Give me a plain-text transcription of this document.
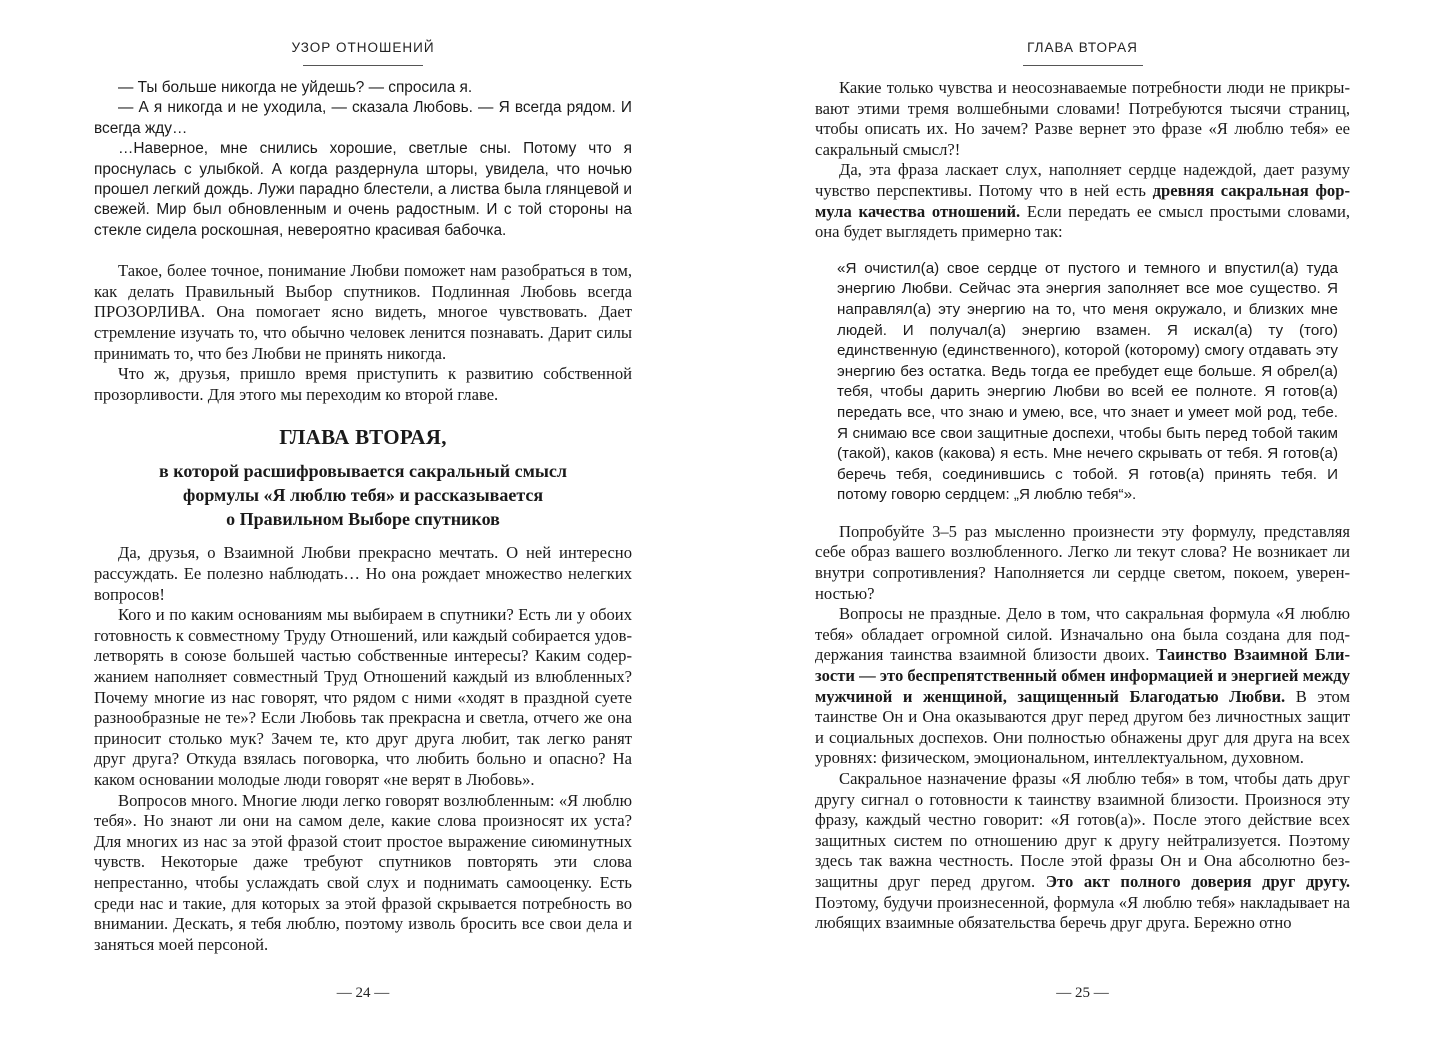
УЗОР ОТНОШЕНИЙ

— Ты больше никогда не уйдешь? — спросила я.

— А я никогда и не уходила, — сказала Любовь. — Я всегда рядом. И всегда жду…

…Наверное, мне снились хорошие, светлые сны. Потому что я проснулась с улыбкой. А когда раздернула шторы, увидела, что ночью прошел легкий дождь. Лужи парадно блестели, а листва была глянцевой и свежей. Мир был обновленным и очень радостным. И с той стороны на стекле сидела роскошная, невероятно красивая бабочка.

Такое, более точное, понимание Любви поможет нам разобраться в том, как делать Правильный Выбор спутников. Подлинная Любовь всегда ПРОЗОРЛИВА. Она помогает ясно видеть, многое чувствовать. Дает стремление изучать то, что обычно человек ленится познавать. Дарит силы принимать то, что без Любви не принять никогда.

Что ж, друзья, пришло время приступить к развитию собственной прозорливости. Для этого мы переходим ко второй главе.

ГЛАВА ВТОРАЯ,
в которой расшифровывается сакральный смысл
формулы «Я люблю тебя» и рассказывается
о Правильном Выборе спутников

Да, друзья, о Взаимной Любви прекрасно мечтать. О ней интересно рассуждать. Ее полезно наблюдать… Но она рождает множество нелегких вопросов!

Кого и по каким основаниям мы выбираем в спутники? Есть ли у обоих готовность к совместному Труду Отношений, или каждый собирается удовлетворять в союзе большей частью собственные интересы? Каким содержанием наполняет совместный Труд Отношений каждый из влюбленных? Почему многие из нас говорят, что рядом с ними «ходят в праздной суете разнообразные не те»? Если Любовь так прекрасна и светла, отчего же она приносит столько мук? Зачем те, кто друг друга любит, так легко ранят друг друга? Откуда взялась поговорка, что любить больно и опасно? На каком основании молодые люди говорят «не верят в Любовь».

Вопросов много. Многие люди легко говорят возлюбленным: «Я люблю тебя». Но знают ли они на самом деле, какие слова произносят их уста? Для многих из нас за этой фразой стоит простое выражение сиюминутных чувств. Некоторые даже требуют спутников повторять эти слова непрестанно, чтобы услаждать свой слух и поднимать самооценку. Есть среди нас и такие, для которых за этой фразой скрывается потребность во внимании. Дескать, я тебя люблю, поэтому изволь бросить все свои дела и заняться моей персоной.

— 24 —
ГЛАВА ВТОРАЯ

Какие только чувства и неосознаваемые потребности люди не прикрывают этими тремя волшебными словами! Потребуются тысячи страниц, чтобы описать их. Но зачем? Разве вернет это фразе «Я люблю тебя» ее сакральный смысл?!

Да, эта фраза ласкает слух, наполняет сердце надеждой, дает разуму чувство перспективы. Потому что в ней есть древняя сакральная формула качества отношений. Если передать ее смысл простыми словами, она будет выглядеть примерно так:

«Я очистил(а) свое сердце от пустого и темного и впустил(а) туда энергию Любви. Сейчас эта энергия заполняет все мое существо. Я направлял(а) эту энергию на то, что меня окружало, и близких мне людей. И получал(а) энергию взамен. Я искал(а) ту (того) единственную (единственного), которой (которому) смогу отдавать эту энергию без остатка. Ведь тогда ее пребудет еще больше. Я обрел(а) тебя, чтобы дарить энергию Любви во всей ее полноте. Я готов(а) передать все, что знаю и умею, все, что знает и умеет мой род, тебе. Я снимаю все свои защитные доспехи, чтобы быть перед тобой таким (такой), каков (какова) я есть. Мне нечего скрывать от тебя. Я готов(а) беречь тебя, соединившись с тобой. Я готов(а) принять тебя. И потому говорю сердцем: „Я люблю тебя“».

Попробуйте 3–5 раз мысленно произнести эту формулу, представляя себе образ вашего возлюбленного. Легко ли текут слова? Не возникает ли внутри сопротивления? Наполняется ли сердце светом, покоем, уверенностью?

Вопросы не праздные. Дело в том, что сакральная формула «Я люблю тебя» обладает огромной силой. Изначально она была создана для поддержания таинства взаимной близости двоих. Таинство Взаимной Близости — это беспрепятственный обмен информацией и энергией между мужчиной и женщиной, защищенный Благодатью Любви. В этом таинстве Он и Она оказываются друг перед другом без личностных защит и социальных доспехов. Они полностью обнажены друг для друга на всех уровнях: физическом, эмоциональном, интеллектуальном, духовном.

Сакральное назначение фразы «Я люблю тебя» в том, чтобы дать друг другу сигнал о готовности к таинству взаимной близости. Произнося эту фразу, каждый честно говорит: «Я готов(а)». После этого действие всех защитных систем по отношению друг к другу нейтрализуется. Поэтому здесь так важна честность. После этой фразы Он и Она абсолютно беззащитны друг перед другом. Это акт полного доверия друг другу. Поэтому, будучи произнесенной, формула «Я люблю тебя» накладывает на любящих взаимные обязательства беречь друг друга. Бережно отно

— 25 —
